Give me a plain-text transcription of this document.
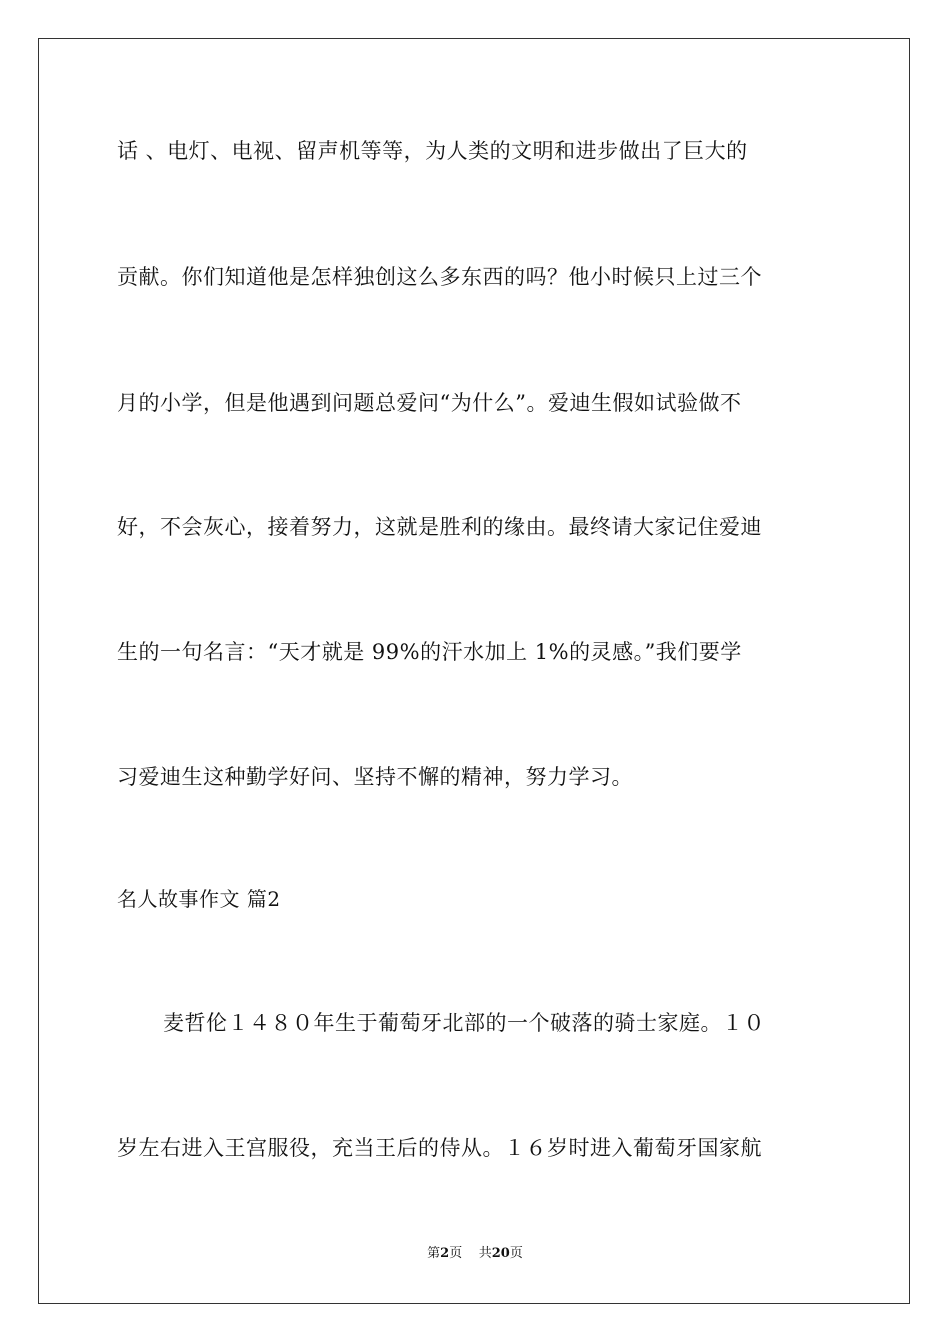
话 、电灯、电视、留声机等等，为人类的文明和进步做出了巨大的
贡献。你们知道他是怎样独创这么多东西的吗？他小时候只上过三个
月的小学，但是他遇到问题总爱问“为什么”。爱迪生假如试验做不
好，不会灰心，接着努力，这就是胜利的缘由。最终请大家记住爱迪
生的一句名言：“天才就是 99%的汗水加上 1%的灵感。”我们要学
习爱迪生这种勤学好问、坚持不懈的精神，努力学习。
名人故事作文 篇2
麦哲伦１４８０年生于葡萄牙北部的一个破落的骑士家庭。１０
岁左右进入王宫服役，充当王后的侍从。１６岁时进入葡萄牙国家航
第2页 共20页
